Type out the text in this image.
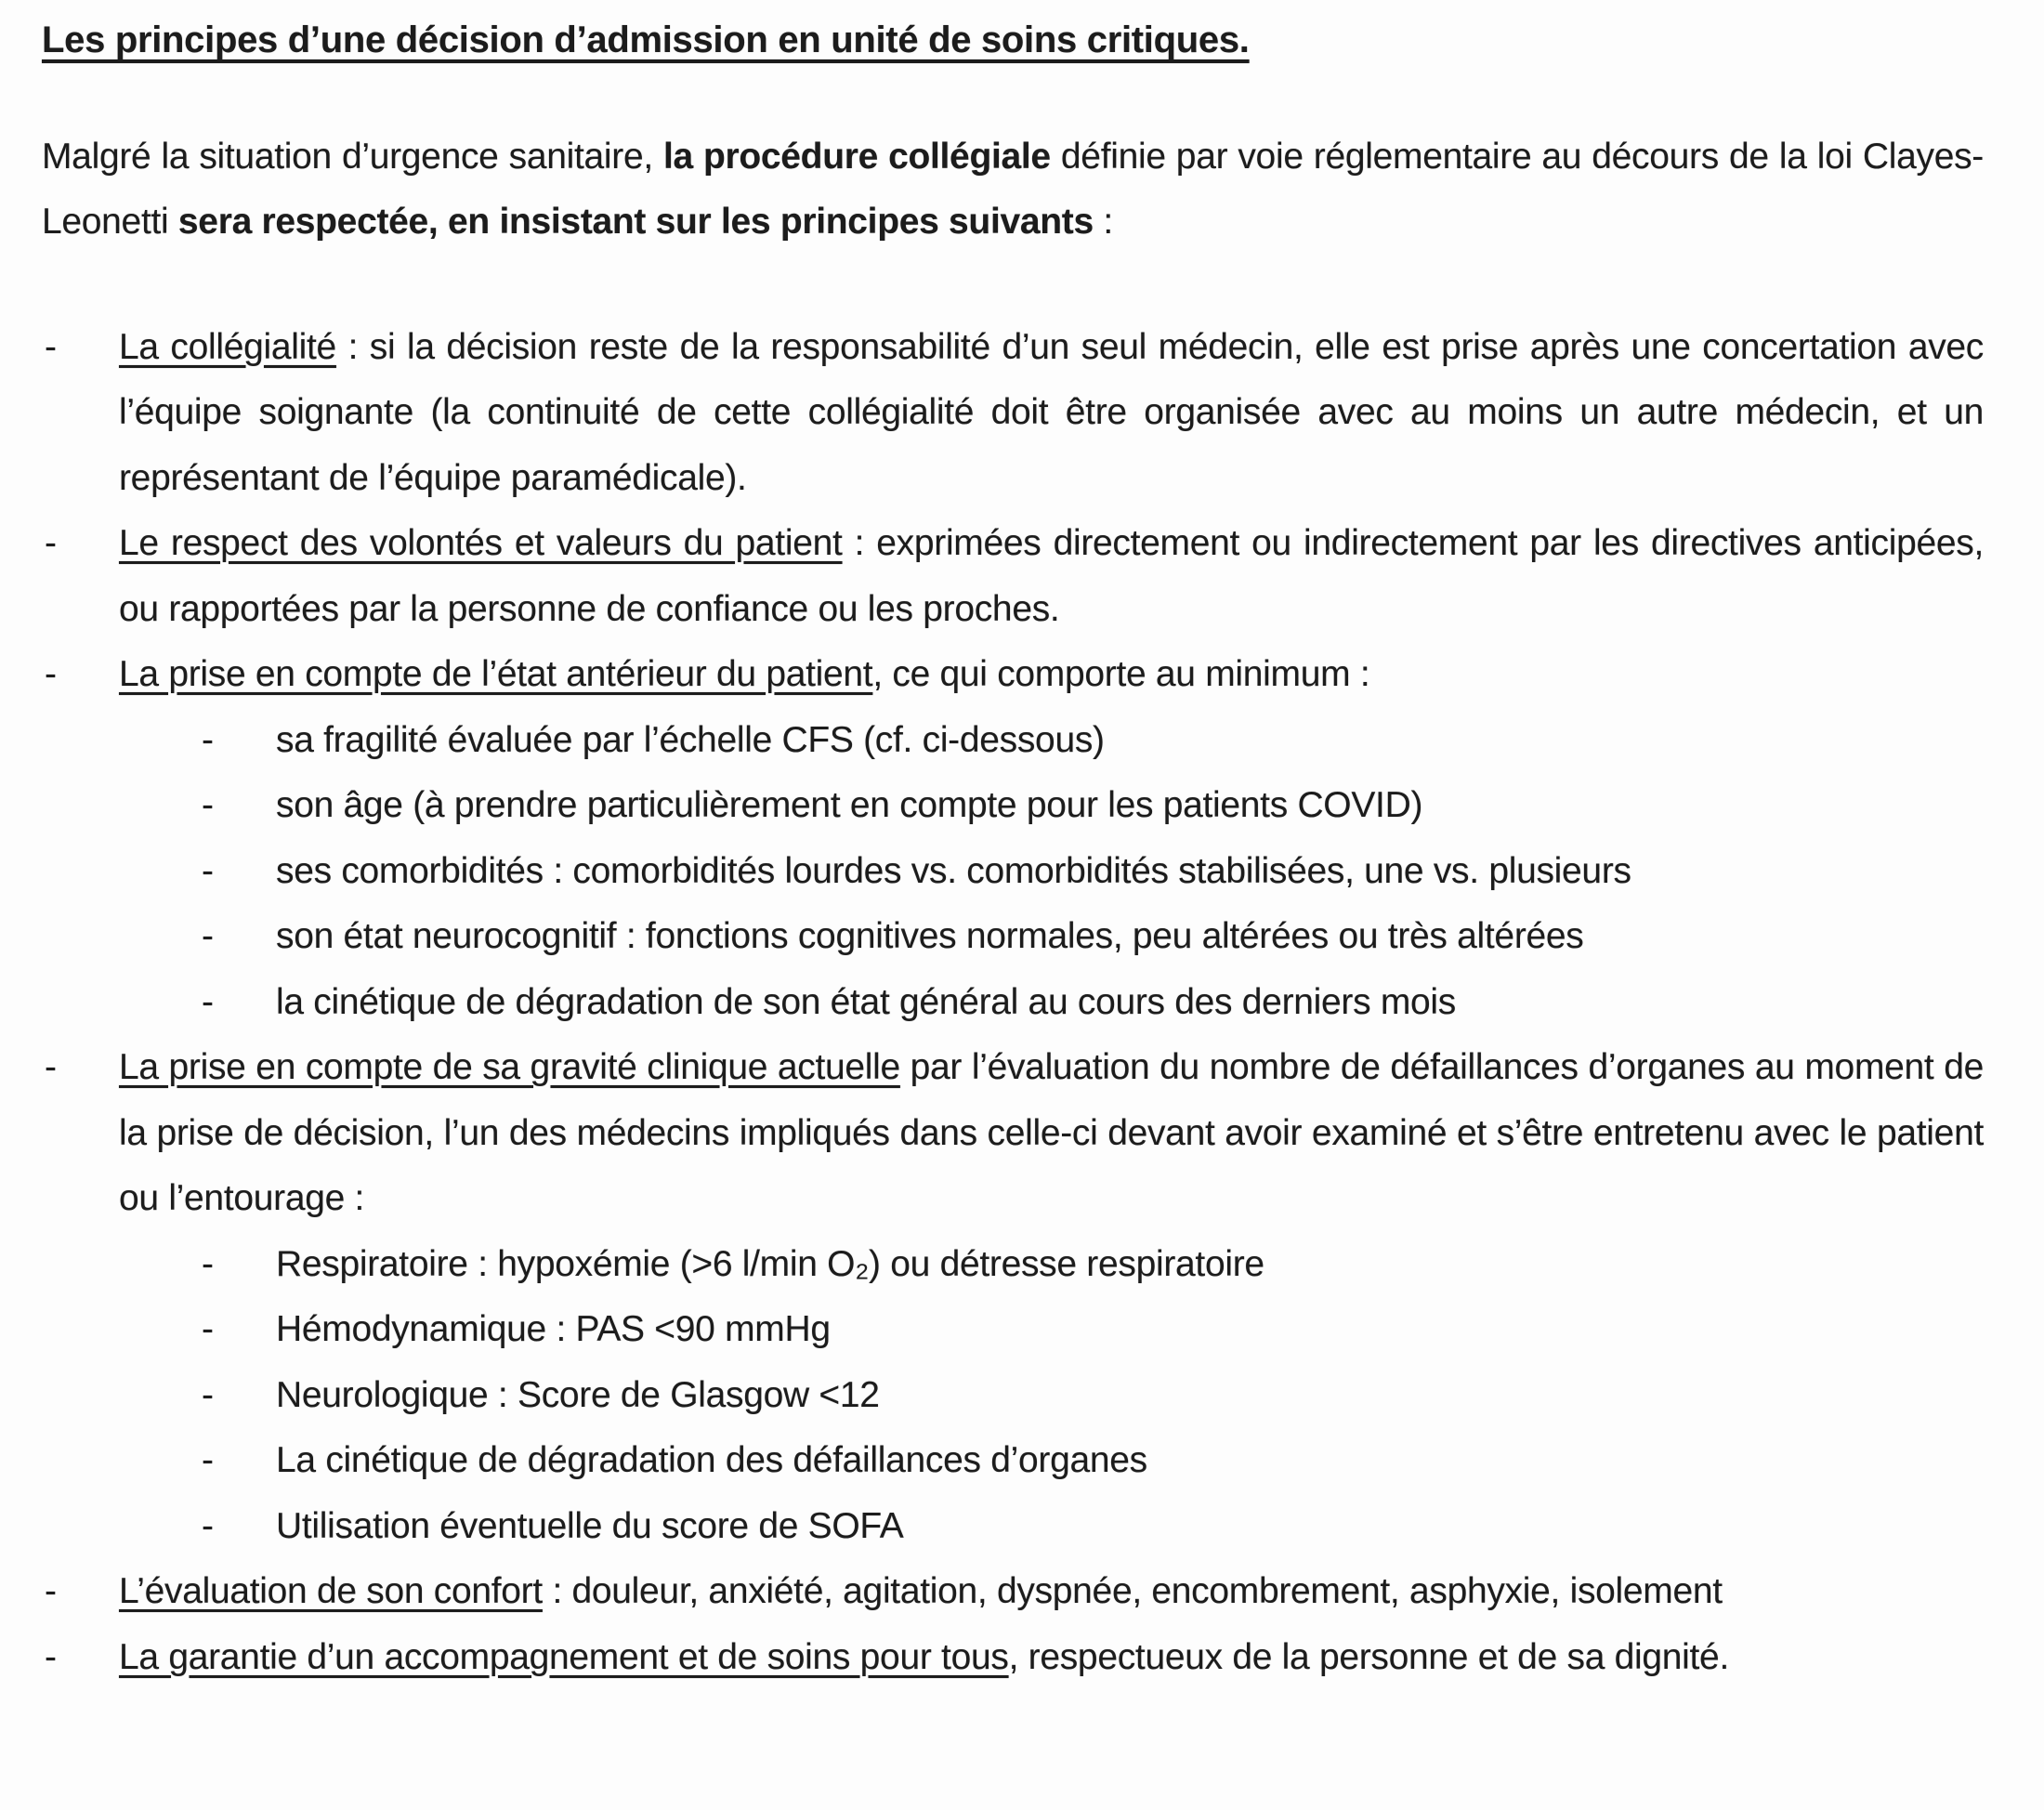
Les principes d’une décision d’admission en unité de soins critiques.

Malgré la situation d’urgence sanitaire, la procédure collégiale définie par voie réglementaire au décours de la loi Clayes-Leonetti sera respectée, en insistant sur les principes suivants :

-	La collégialité : si la décision reste de la responsabilité d’un seul médecin, elle est prise après une concertation avec l’équipe soignante (la continuité de cette collégialité doit être organisée avec au moins un autre médecin, et un représentant de l’équipe paramédicale).
-	Le respect des volontés et valeurs du patient : exprimées directement ou indirectement par les directives anticipées, ou rapportées par la personne de confiance ou les proches.
-	La prise en compte de l’état antérieur du patient, ce qui comporte au minimum :
-	sa fragilité évaluée par l’échelle CFS (cf. ci-dessous)
-	son âge (à prendre particulièrement en compte pour les patients COVID)
-	ses comorbidités : comorbidités lourdes vs. comorbidités stabilisées, une vs. plusieurs
-	son état neurocognitif : fonctions cognitives normales, peu altérées ou très altérées
-	la cinétique de dégradation de son état général au cours des derniers mois
-	La prise en compte de sa gravité clinique actuelle par l’évaluation du nombre de défaillances d’organes au moment de la prise de décision, l’un des médecins impliqués dans celle-ci devant avoir examiné et s’être entretenu avec le patient ou l’entourage :
-	Respiratoire : hypoxémie (>6 l/min O₂) ou détresse respiratoire
-	Hémodynamique : PAS <90 mmHg
-	Neurologique : Score de Glasgow <12
-	La cinétique de dégradation des défaillances d’organes
-	Utilisation éventuelle du score de SOFA
-	L’évaluation de son confort : douleur, anxiété, agitation, dyspnée, encombrement, asphyxie, isolement
-	La garantie d’un accompagnement et de soins pour tous, respectueux de la personne et de sa dignité.
